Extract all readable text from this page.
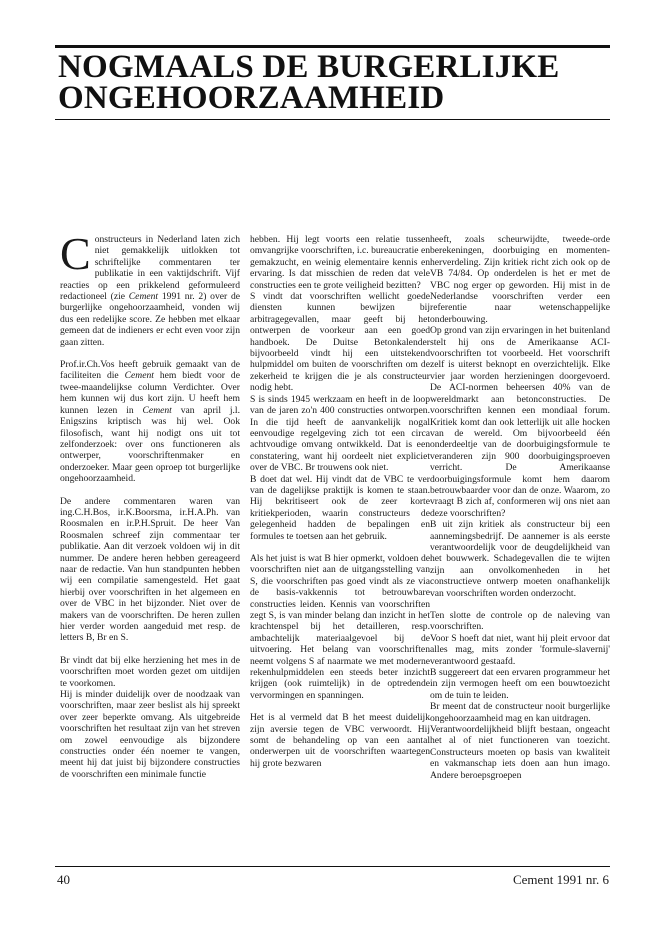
NOGMAALS DE BURGERLIJKE
ONGEHOORZAAMHEID

Constructeurs in Nederland laten zich niet gemakkelijk uitlokken tot schriftelijke commentaren ter publikatie in een vaktijdschrift. Vijf reacties op een prikkelend geformuleerd redactioneel (zie Cement 1991 nr. 2) over de burgerlijke ongehoorzaamheid, vonden wij dus een redelijke score. Ze hebben met elkaar gemeen dat de indieners er echt even voor zijn gaan zitten.

Prof.ir.Ch.Vos heeft gebruik gemaakt van de faciliteiten die Cement hem biedt voor de twee-maandelijkse column Verdichter. Over hem kunnen wij dus kort zijn. U heeft hem kunnen lezen in Cement van april j.l. Enigszins kriptisch was hij wel. Ook filosofisch, want hij nodigt ons uit tot zelfonderzoek: over ons functioneren als ontwerper, voorschriftenmaker en onderzoeker. Maar geen oproep tot burgerlijke ongehoorzaamheid.

De andere commentaren waren van ing.C.H.Bos, ir.K.Boorsma, ir.H.A.Ph. van Roosmalen en ir.P.H.Spruit. De heer Van Roosmalen schreef zijn commentaar ter publikatie. Aan dit verzoek voldoen wij in dit nummer. De andere heren hebben gereageerd naar de redactie. Van hun standpunten hebben wij een compilatie samengesteld. Het gaat hierbij over voorschriften in het algemeen en over de VBC in het bijzonder. Niet over de makers van de voorschriften. De heren zullen hier verder worden aangeduid met resp. de letters B, Br en S.

Br vindt dat bij elke herziening het mes in de voorschriften moet worden gezet om uitdijen te voorkomen.

Hij is minder duidelijk over de noodzaak van voorschriften, maar zeer beslist als hij spreekt over zeer beperkte omvang. Als uitgebreide voorschriften het resultaat zijn van het streven om zowel eenvoudige als bijzondere constructies onder één noemer te vangen, meent hij dat juist bij bijzondere constructies de voorschriften een minimale functie

hebben. Hij legt voorts een relatie tussen omvangrijke voorschriften, i.c. bureaucratie en gemakzucht, en weinig elementaire kennis en ervaring. Is dat misschien de reden dat vele constructies een te grote veiligheid bezitten?

S vindt dat voorschriften wellicht goede diensten kunnen bewijzen bij arbitragegevallen, maar geeft bij het ontwerpen de voorkeur aan een goed handboek. De Duitse Betonkalender bijvoorbeeld vindt hij een uitstekend hulpmiddel om buiten de voorschriften om de zekerheid te krijgen die je als constructeur nodig hebt.

S is sinds 1945 werkzaam en heeft in de loop van de jaren zo'n 400 constructies ontworpen. In die tijd heeft de aanvankelijk nogal eenvoudige regelgeving zich tot een circa achtvoudige omvang ontwikkeld. Dat is een constatering, want hij oordeelt niet expliciet over de VBC. Br trouwens ook niet.

B doet dat wel. Hij vindt dat de VBC te ver van de dagelijkse praktijk is komen te staan. Hij bekritiseert ook de zeer korte kritiekperioden, waarin constructeurs de gelegenheid hadden de bepalingen en formules te toetsen aan het gebruik.

Als het juist is wat B hier opmerkt, voldoen de voorschriften niet aan de uitgangsstelling van S, die voorschriften pas goed vindt als ze via de basis-vakkennis tot betrouwbare constructies leiden. Kennis van voorschriften zegt S, is van minder belang dan inzicht in het krachtenspel bij het detailleren, resp. ambachtelijk materiaalgevoel bij de uitvoering. Het belang van voorschriften neemt volgens S af naarmate we met moderne rekenhulpmiddelen een steeds beter inzicht krijgen (ook ruimtelijk) in de optredende vervormingen en spanningen.

Het is al vermeld dat B het meest duidelijk zijn aversie tegen de VBC verwoordt. Hij somt de behandeling op van een aantal onderwerpen uit de voorschriften waartegen hij grote bezwaren

heeft, zoals scheurwijdte, tweede-orde berekeningen, doorbuiging en momenten-herverdeling. Zijn kritiek richt zich ook op de VB 74/84. Op onderdelen is het er met de VBC nog erger op geworden. Hij mist in de Nederlandse voorschriften verder een referentie naar wetenschappelijke onderbouwing.

Op grond van zijn ervaringen in het buitenland stelt hij ons de Amerikaanse ACI-voorschriften tot voorbeeld. Het voorschrift zelf is uiterst beknopt en overzichtelijk. Elke vier jaar worden herzieningen doorgevoerd. De ACI-normen beheersen 40% van de wereldmarkt aan betonconstructies. De voorschriften kennen een mondiaal forum. Kritiek komt dan ook letterlijk uit alle hocken van de wereld. Om bijvoorbeeld één onderdeeltje van de doorbuigingsformule te veranderen zijn 900 doorbuigingsproeven verricht. De Amerikaanse doorbuigingsformule komt hem daarom betrouwbaarder voor dan de onze. Waarom, zo vraagt B zich af, conformeren wij ons niet aan deze voorschriften?

B uit zijn kritiek als constructeur bij een aannemingsbedrijf. De aannemer is als eerste verantwoordelijk voor de deugdelijkheid van het bouwwerk. Schadegevallen die te wijten zijn aan onvolkomenheden in het constructieve ontwerp moeten onafhankelijk van voorschriften worden onderzocht.

Ten slotte de controle op de naleving van voorschriften.

Voor S hoeft dat niet, want hij pleit ervoor dat alles mag, mits zonder 'formule-slavernij' verantwoord gestaafd.

B suggereert dat een ervaren programmeur het in zijn vermogen heeft om een bouwtoezicht om de tuin te leiden.

Br meent dat de constructeur nooit burgerlijke ongehoorzaamheid mag en kan uitdragen.

Verantwoordelijkheid blijft bestaan, ongeacht het al of niet functioneren van toezicht. Constructeurs moeten op basis van kwaliteit en vakmanschap iets doen aan hun imago. Andere beroepsgroepen

40	Cement 1991 nr. 6
